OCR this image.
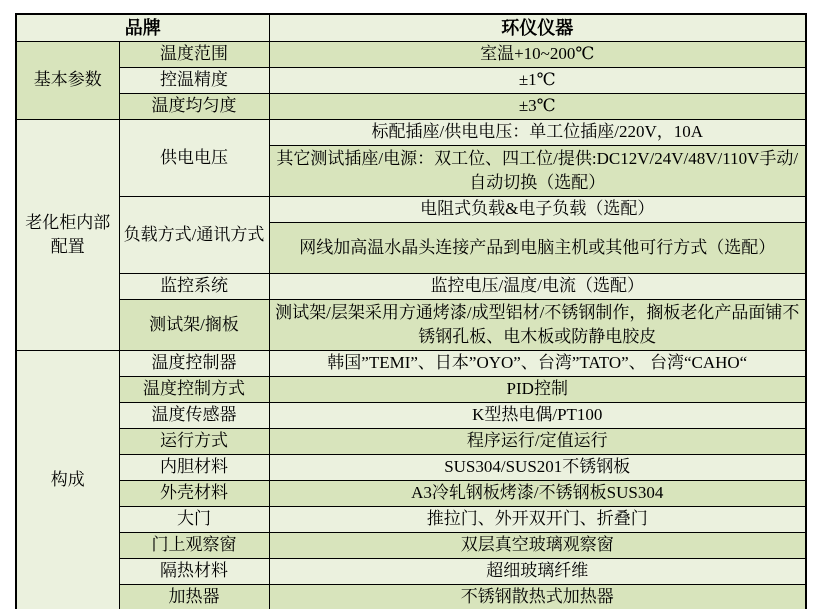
品牌		环仪仪器
基本参数	温度范围	室温+10~200℃
	控温精度	±1℃
	温度均匀度	±3℃
老化柜内部配置	供电电压	标配插座/供电电压：单工位插座/220V，10A
		其它测试插座/电源：双工位、四工位/提供:DC12V/24V/48V/110V手动/自动切换（选配）
	负载方式/通讯方式	电阻式负载&电子负载（选配）
		网线加高温水晶头连接产品到电脑主机或其他可行方式（选配）
	监控系统	监控电压/温度/电流（选配）
	测试架/搁板	测试架/层架采用方通烤漆/成型铝材/不锈钢制作，搁板老化产品面铺不锈钢孔板、电木板或防静电胶皮
构成	温度控制器	韩国”TEMI”、日本”OYO”、台湾”TATO”、 台湾“CAHO“
	温度控制方式	PID控制
	温度传感器	K型热电偶/PT100
	运行方式	程序运行/定值运行
	内胆材料	SUS304/SUS201不锈钢板
	外壳材料	A3冷轧钢板烤漆/不锈钢板SUS304
	大门	推拉门、外开双开门、折叠门
	门上观察窗	双层真空玻璃观察窗
	隔热材料	超细玻璃纤维
	加热器	不锈钢散热式加热器
